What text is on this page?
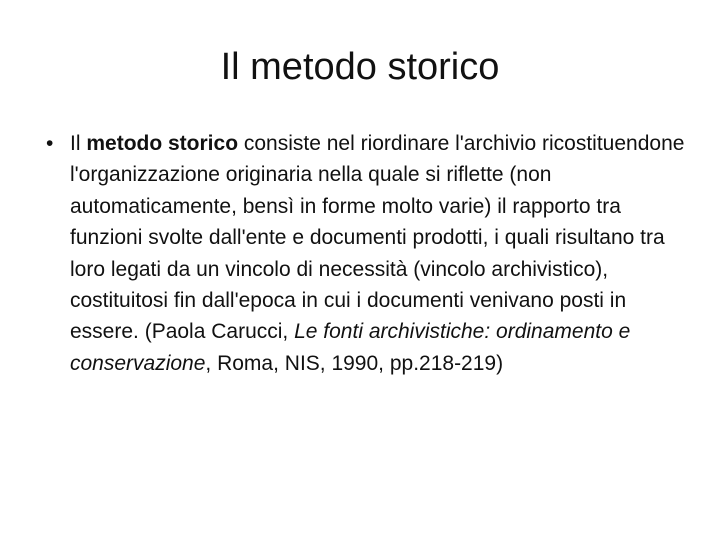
Il metodo storico
• Il metodo storico consiste nel riordinare l'archivio ricostituendone l'organizzazione originaria nella quale si riflette (non automaticamente, bensì in forme molto varie) il rapporto tra funzioni svolte dall'ente e documenti prodotti, i quali risultano tra loro legati da un vincolo di necessità (vincolo archivistico), costituitosi fin dall'epoca in cui i documenti venivano posti in essere. (Paola Carucci, Le fonti archivistiche: ordinamento e conservazione, Roma, NIS, 1990, pp.218-219)
